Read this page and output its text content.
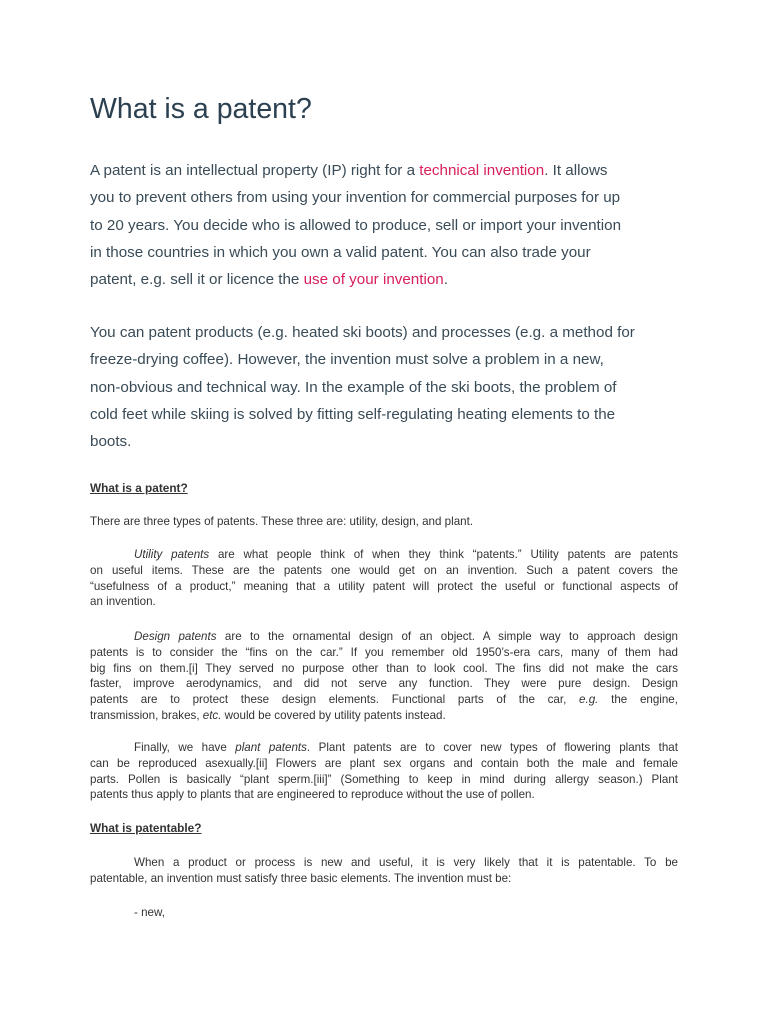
What is a patent?

A patent is an intellectual property (IP) right for a technical invention. It allows
you to prevent others from using your invention for commercial purposes for up
to 20 years. You decide who is allowed to produce, sell or import your invention
in those countries in which you own a valid patent. You can also trade your
patent, e.g. sell it or licence the use of your invention.

You can patent products (e.g. heated ski boots) and processes (e.g. a method for
freeze-drying coffee). However, the invention must solve a problem in a new,
non-obvious and technical way. In the example of the ski boots, the problem of
cold feet while skiing is solved by fitting self-regulating heating elements to the
boots.

What is a patent?

There are three types of patents. These three are: utility, design, and plant.

Utility patents are what people think of when they think “patents.” Utility patents are patents
on useful items. These are the patents one would get on an invention. Such a patent covers the
“usefulness of a product,” meaning that a utility patent will protect the useful or functional aspects of
an invention.

Design patents are to the ornamental design of an object. A simple way to approach design
patents is to consider the “fins on the car.” If you remember old 1950’s-era cars, many of them had
big fins on them.[i] They served no purpose other than to look cool. The fins did not make the cars
faster, improve aerodynamics, and did not serve any function. They were pure design. Design
patents are to protect these design elements. Functional parts of the car, e.g. the engine,
transmission, brakes, etc. would be covered by utility patents instead.

Finally, we have plant patents. Plant patents are to cover new types of flowering plants that
can be reproduced asexually.[ii] Flowers are plant sex organs and contain both the male and female
parts. Pollen is basically “plant sperm.[iii]” (Something to keep in mind during allergy season.) Plant
patents thus apply to plants that are engineered to reproduce without the use of pollen.

What is patentable?

When a product or process is new and useful, it is very likely that it is patentable. To be
patentable, an invention must satisfy three basic elements. The invention must be:

- new,
